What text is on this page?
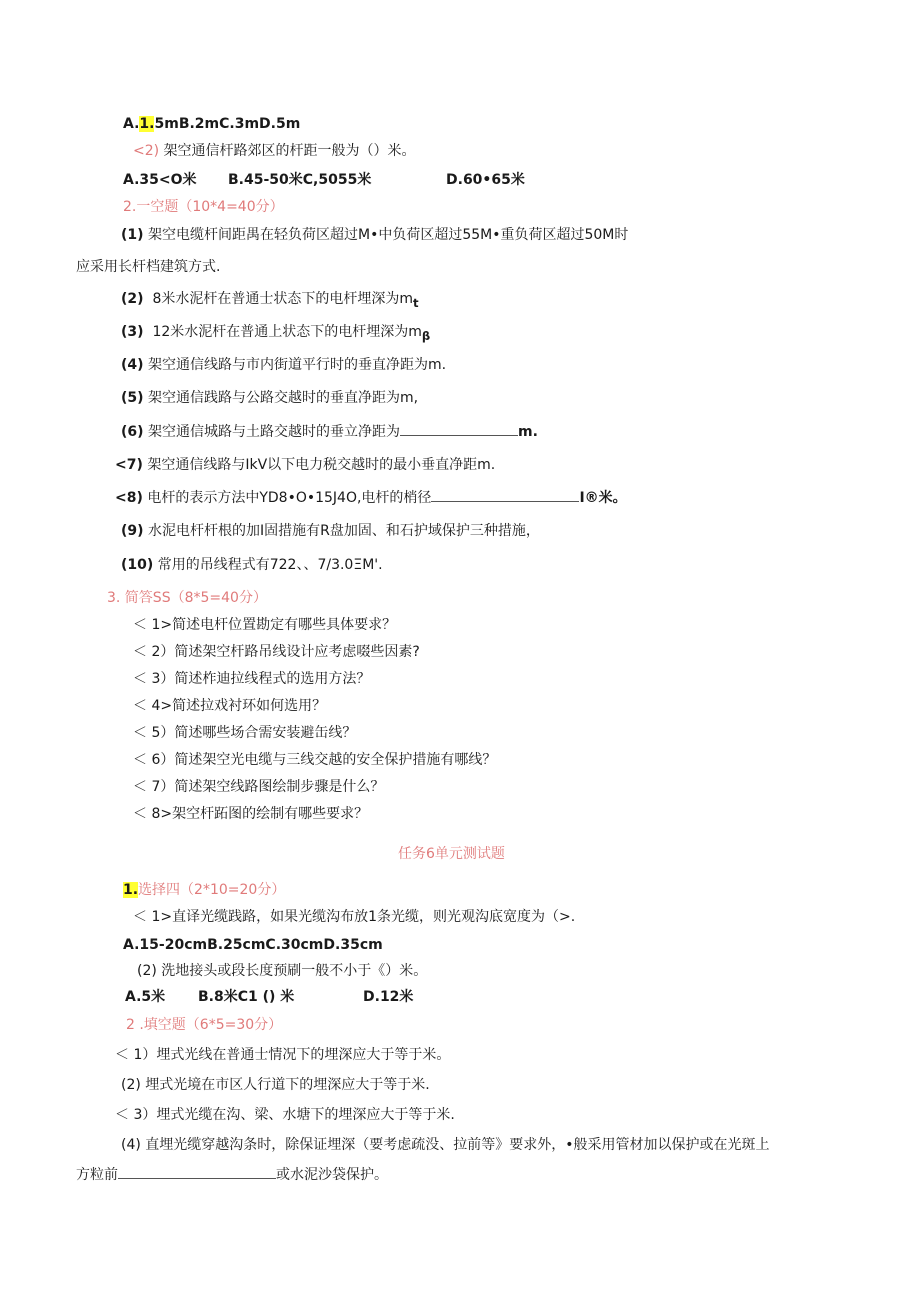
A.1.5mB.2mC.3mD.5m
<2) 架空通信杆路郊区的杆距一般为（）米。
A.35<O米 B.45-50米C,5055米	D.60•65米
2.一空题（10*4=40分）
(1) 架空电缆杆间距禺在轻负荷区超过M•中负荷区超过55M•重负荷区超过50M时
应采用长杆档建筑方式.
(2) 8米水泥杆在普通士状态下的电杆埋深为$m_t$
(3) 12米水泥杆在普通上状态下的电杆埋深为$m_\beta$
(4) 架空通信线路与市内街道平行时的垂直净距为m.
(5) 架空通信践路与公路交越时的垂直净距为m,
(6) 架空通信城路与土路交越时的垂立净距为	m.
<7) 架空通信线路与IkV以下电力税交越时的最小垂直净距m.
<8) 电杆的表示方法中YD8•O•15J4O,电杆的梢径	I®米。
(9) 水泥电杆杆根的加I固措施有R盘加固、和石护域保护三种措施，
(10) 常用的吊线程式有722、、7/3.0ΞM'.
3. 简答SS（8*5=40分）
＜ 1>简述电杆位置勘定有哪些具体要求？
＜ 2）简述架空杆路吊线设计应考虑啜些因素?
＜ 3）简述柞迪拉线程式的选用方法？
＜ 4>简述拉戏衬环如何选用？
＜ 5）简述哪些场合需安装避缶线？
＜ 6）简述架空光电缆与三线交越的安全保护措施有哪线？
＜ 7）简述架空线路图绘制步骤是什么？
＜ 8>架空杆跖图的绘制有哪些要求？
任务6单元测试题
1.选择四（2*10=20分）
＜ 1>直译光缆践路，如果光缆沟布放1条光缆，则光观沟底宽度为（>.
A.15-20cmB.25cmC.30cmD.35cm
(2) 洗地接头或段长度预刷一般不小于《）米。
A.5米 B.8米C1 () 米	D.12米
2 .填空题（6*5=30分）
＜ 1）埋式光线在普通士情况下的埋深应大于等于米。
(2) 埋式光境在市区人行道下的埋深应大于等于米.
＜ 3）埋式光缆在沟、梁、水塘下的埋深应大于等于米.
(4) 直埋光缆穿越沟条时，除保证埋深（要考虑疏没、拉前等》要求外，•般采用管材加以保护或在光斑上
方粒前	或水泥沙袋保护。
